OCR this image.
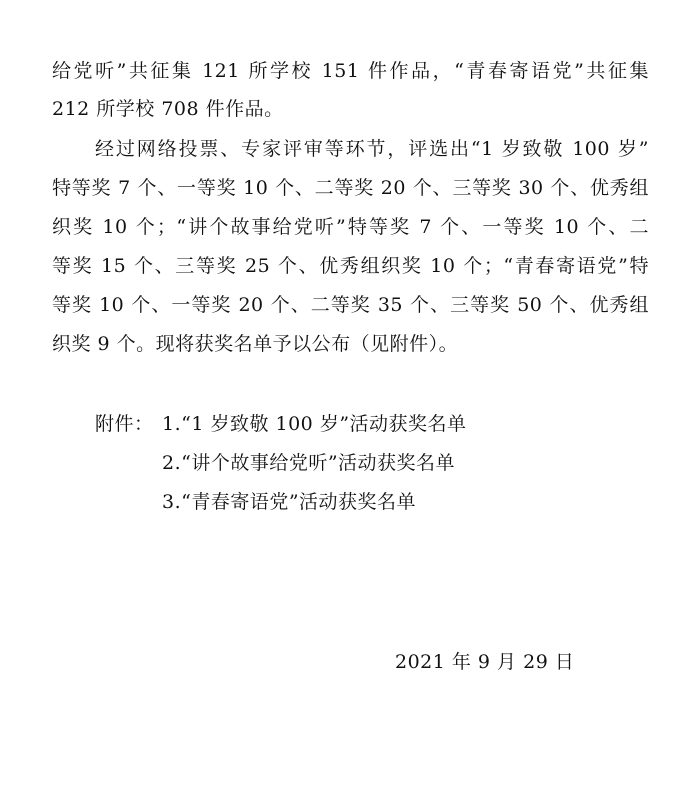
给党听”共征集 121 所学校 151 件作品，“青春寄语党”共征集
212 所学校 708 件作品。
经过网络投票、专家评审等环节，评选出“1 岁致敬 100 岁”
特等奖 7 个、一等奖 10 个、二等奖 20 个、三等奖 30 个、优秀组
织奖 10 个；“讲个故事给党听”特等奖 7 个、一等奖 10 个、二
等奖 15 个、三等奖 25 个、优秀组织奖 10 个；“青春寄语党”特
等奖 10 个、一等奖 20 个、二等奖 35 个、三等奖 50 个、优秀组
织奖 9 个。现将获奖名单予以公布（见附件）。
附件： 1.“1 岁致敬 100 岁”活动获奖名单
2.“讲个故事给党听”活动获奖名单
3.“青春寄语党”活动获奖名单
2021 年 9 月 29 日
